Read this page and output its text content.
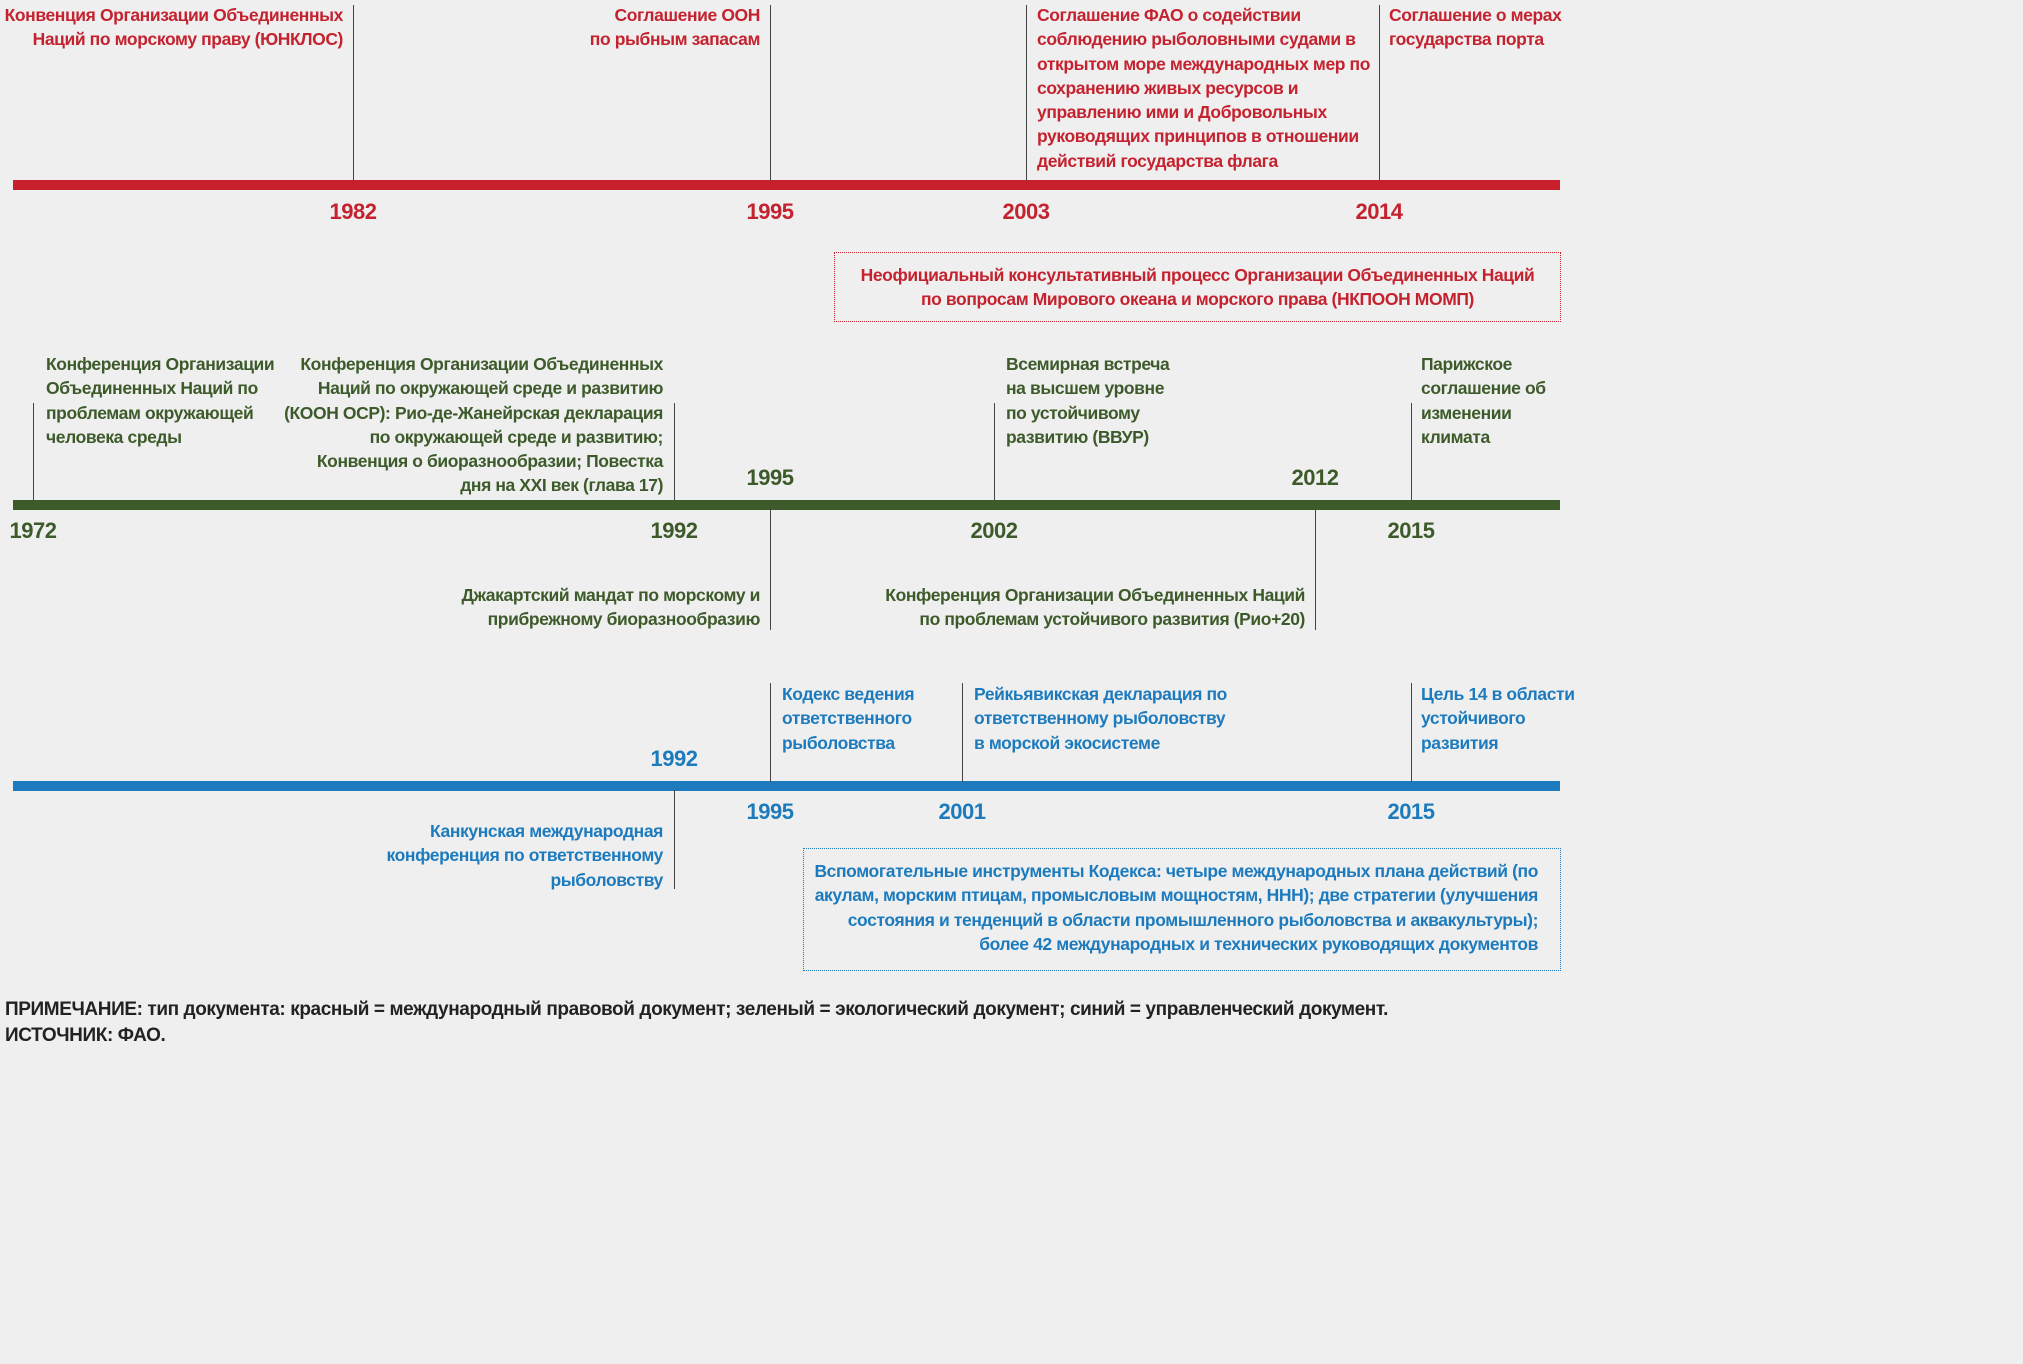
Конвенция Организации Объединенных
Наций по морскому праву (ЮНКЛОС)
Соглашение ООН
по рыбным запасам
Соглашение ФАО о содействии
соблюдению рыболовными судами в
открытом море международных мер по
сохранению живых ресурсов и
управлению ими и Добровольных
руководящих принципов в отношении
действий государства флага
Соглашение о мерах
государства порта
1982	1995	2003	2014
Неофициальный консультативный процесс Организации Объединенных Наций
по вопросам Мирового океана и морского права (НКПООН МОМП)
Конференция Организации
Объединенных Наций по
проблемам окружающей
человека среды
Конференция Организации Объединенных
Наций по окружающей среде и развитию
(КООН ОСР): Рио-де-Жанейрская декларация
по окружающей среде и развитию;
Конвенция о биоразнообразии; Повестка
дня на XXI век (глава 17)
Всемирная встреча
на высшем уровне
по устойчивому
развитию (ВВУР)
Парижское
соглашение об
изменении
климата
1972	1992	2002	2015
1995	2012
Джакартский мандат по морскому и
прибрежному биоразнообразию
Конференция Организации Объединенных Наций
по проблемам устойчивого развития (Рио+20)
Кодекс ведения
ответственного
рыболовства
Рейкьявикская декларация по
ответственному рыболовству
в морской экосистеме
Цель 14 в области
устойчивого
развития
1992
1995	2001	2015
Канкунская международная
конференция по ответственному
рыболовству	Вспомогательные инструменты Кодекса: четыре международных плана действий (по
акулам, морским птицам, промысловым мощностям, ННН); две стратегии (улучшения
состояния и тенденций в области промышленного рыболовства и аквакультуры);
более 42 международных и технических руководящих документов
ПРИМЕЧАНИЕ: тип документа: красный = международный правовой документ; зеленый = экологический документ; синий = управленческий документ.
ИСТОЧНИК: ФАО.
